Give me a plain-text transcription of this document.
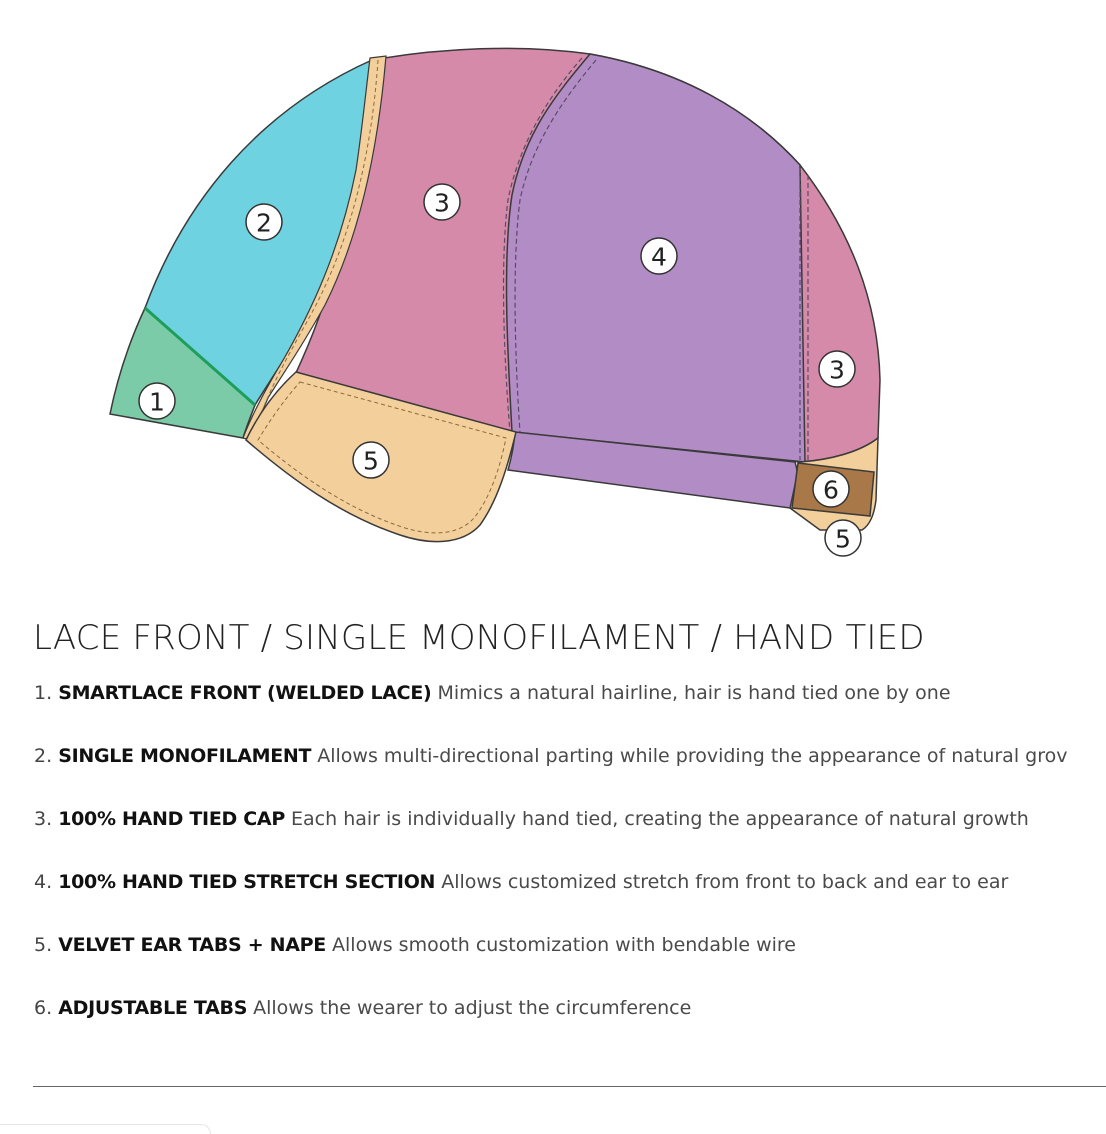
1
2
3
4
3
5
6
5
LACE FRONT / SINGLE MONOFILAMENT / HAND TIED
1. SMARTLACE FRONT (WELDED LACE) Mimics a natural hairline, hair is hand tied one by one
2. SINGLE MONOFILAMENT Allows multi-directional parting while providing the appearance of natural grov
3. 100% HAND TIED CAP Each hair is individually hand tied, creating the appearance of natural growth
4. 100% HAND TIED STRETCH SECTION Allows customized stretch from front to back and ear to ear
5. VELVET EAR TABS + NAPE Allows smooth customization with bendable wire
6. ADJUSTABLE TABS Allows the wearer to adjust the circumference
